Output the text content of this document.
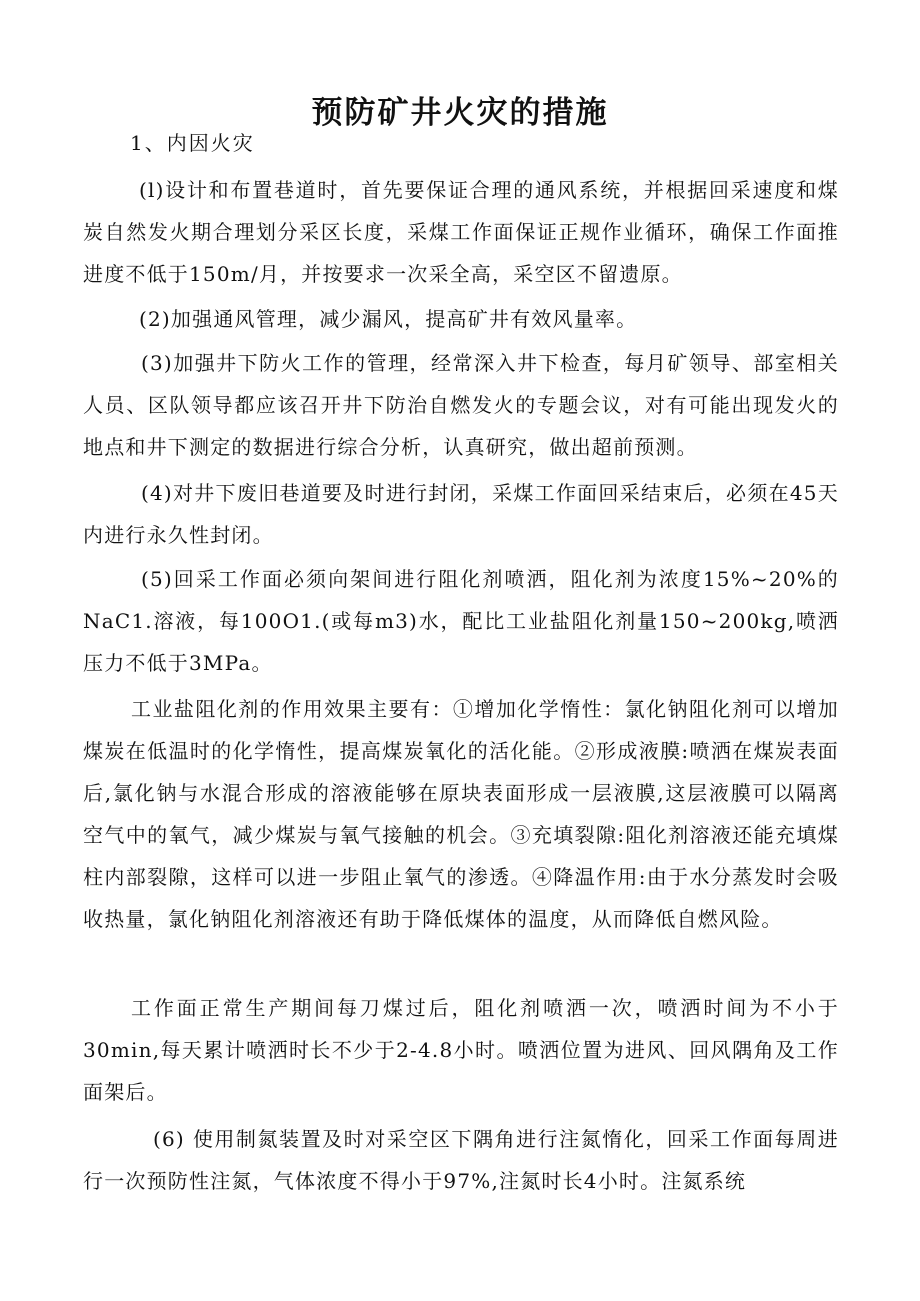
预防矿井火灾的措施
1、内因火灾

(l)设计和布置巷道时，首先要保证合理的通风系统，并根据回采速度和煤炭自然发火期合理划分采区长度，采煤工作面保证正规作业循环，确保工作面推进度不低于150m∕月，并按要求一次采全高，采空区不留遗原。

(2)加强通风管理，减少漏风，提高矿井有效风量率。

(3)加强井下防火工作的管理，经常深入井下检查，每月矿领导、部室相关人员、区队领导都应该召开井下防治自燃发火的专题会议，对有可能出现发火的地点和井下测定的数据进行综合分析，认真研究，做出超前预测。

(4)对井下废旧巷道要及时进行封闭，采煤工作面回采结束后，必须在45天内进行永久性封闭。

(5)回采工作面必须向架间进行阻化剂喷洒，阻化剂为浓度15%~20%的NaC1.溶液，每100O1.(或每m3)水，配比工业盐阻化剂量150~200kg,喷洒压力不低于3MPa。

工业盐阻化剂的作用效果主要有：①增加化学惰性：氯化钠阻化剂可以增加煤炭在低温时的化学惰性，提高煤炭氧化的活化能。②形成液膜:喷洒在煤炭表面后,氯化钠与水混合形成的溶液能够在原块表面形成一层液膜,这层液膜可以隔离空气中的氧气，减少煤炭与氧气接触的机会。③充填裂隙:阻化剂溶液还能充填煤柱内部裂隙，这样可以进一步阻止氧气的渗透。④降温作用:由于水分蒸发时会吸收热量，氯化钠阻化剂溶液还有助于降低煤体的温度，从而降低自燃风险。

工作面正常生产期间每刀煤过后，阻化剂喷洒一次，喷洒时间为不小于30min,每天累计喷洒时长不少于2-4.8小时。喷洒位置为进风、回风隅角及工作面架后。

(6) 使用制氮装置及时对采空区下隅角进行注氮惰化，回采工作面每周进行一次预防性注氮，气体浓度不得小于97%,注氮时长4小时。注氮系统
